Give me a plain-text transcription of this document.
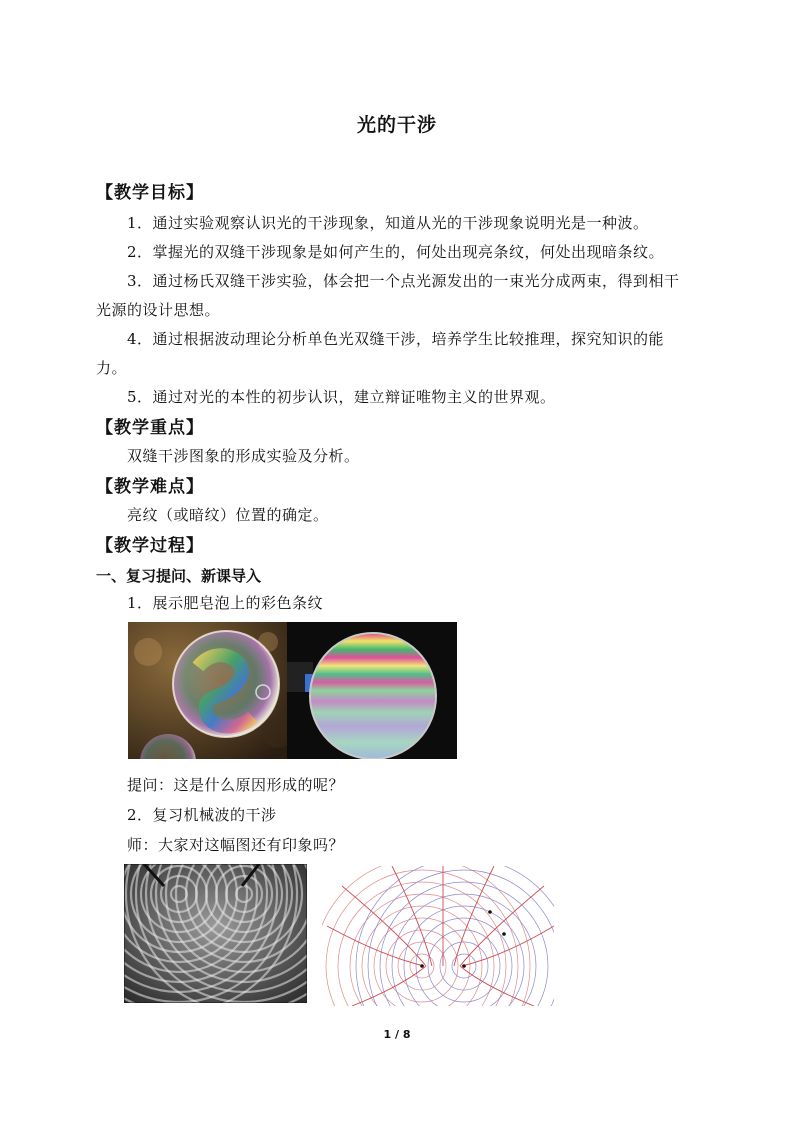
光的干涉
【教学目标】
1．通过实验观察认识光的干涉现象，知道从光的干涉现象说明光是一种波。
2．掌握光的双缝干涉现象是如何产生的，何处出现亮条纹，何处出现暗条纹。
3．通过杨氏双缝干涉实验，体会把一个点光源发出的一束光分成两束，得到相干
光源的设计思想。
4．通过根据波动理论分析单色光双缝干涉，培养学生比较推理，探究知识的能
力。
5．通过对光的本性的初步认识，建立辩证唯物主义的世界观。
【教学重点】
双缝干涉图象的形成实验及分析。
【教学难点】
亮纹（或暗纹）位置的确定。
【教学过程】
一、复习提问、新课导入
1．展示肥皂泡上的彩色条纹
提问：这是什么原因形成的呢？
2．复习机械波的干涉
师：大家对这幅图还有印象吗？
1 / 8
